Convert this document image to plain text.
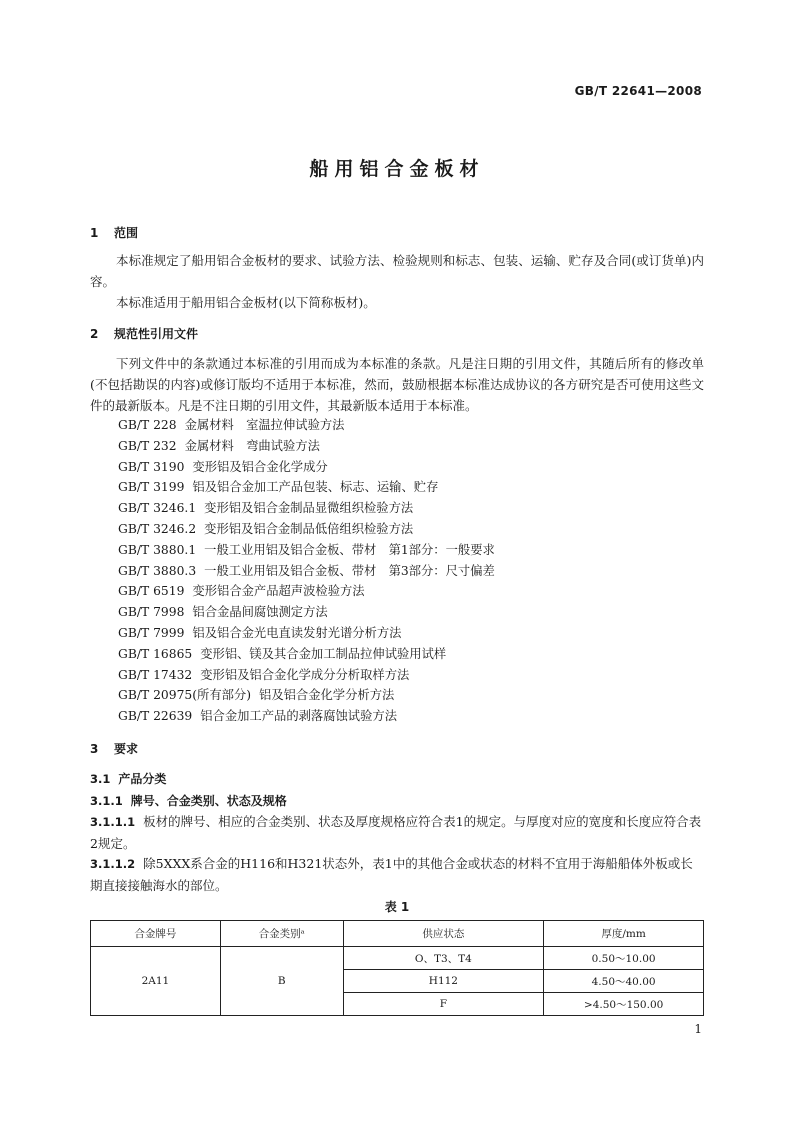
GB/T 22641—2008
船用铝合金板材
1 范围
本标准规定了船用铝合金板材的要求、试验方法、检验规则和标志、包装、运输、贮存及合同(或订货单)内容。
本标准适用于船用铝合金板材(以下简称板材)。
2 规范性引用文件
下列文件中的条款通过本标准的引用而成为本标准的条款。凡是注日期的引用文件，其随后所有的修改单(不包括勘误的内容)或修订版均不适用于本标准，然而，鼓励根据本标准达成协议的各方研究是否可使用这些文件的最新版本。凡是不注日期的引用文件，其最新版本适用于本标准。
GB/T 228 金属材料　室温拉伸试验方法
GB/T 232 金属材料　弯曲试验方法
GB/T 3190 变形铝及铝合金化学成分
GB/T 3199 铝及铝合金加工产品包装、标志、运输、贮存
GB/T 3246.1 变形铝及铝合金制品显微组织检验方法
GB/T 3246.2 变形铝及铝合金制品低倍组织检验方法
GB/T 3880.1 一般工业用铝及铝合金板、带材　第1部分：一般要求
GB/T 3880.3 一般工业用铝及铝合金板、带材　第3部分：尺寸偏差
GB/T 6519 变形铝合金产品超声波检验方法
GB/T 7998 铝合金晶间腐蚀测定方法
GB/T 7999 铝及铝合金光电直读发射光谱分析方法
GB/T 16865 变形铝、镁及其合金加工制品拉伸试验用试样
GB/T 17432 变形铝及铝合金化学成分分析取样方法
GB/T 20975(所有部分) 铝及铝合金化学分析方法
GB/T 22639 铝合金加工产品的剥落腐蚀试验方法
3 要求
3.1 产品分类
3.1.1 牌号、合金类别、状态及规格
3.1.1.1 板材的牌号、相应的合金类别、状态及厚度规格应符合表1的规定。与厚度对应的宽度和长度应符合表2规定。
3.1.1.2 除5XXX系合金的H116和H321状态外，表1中的其他合金或状态的材料不宜用于海船船体外板或长期直接接触海水的部位。
表 1
合金牌号	合金类别ᵃ	供应状态	厚度/mm
2A11	B	O、T3、T4	0.50～10.00
		H112	4.50～40.00
		F	>4.50～150.00
1
